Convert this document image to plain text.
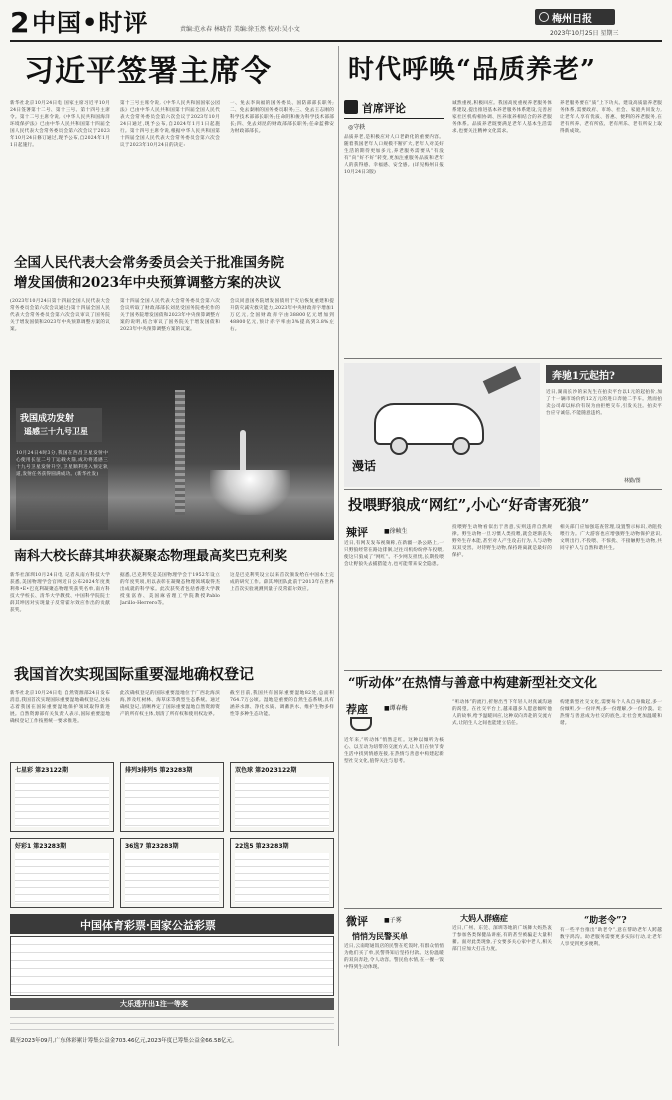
2 中国•时评	责编:范永春 林晓青 美编:徐玉然 校对:吴小文
梅州日报
2023年10月25日 星期三
习近平签署主席令
新华社北京10月24日电 国家主席习近平10月24日签署第十二号、第十三号、第十四号主席令。第十二号主席令说,《中华人民共和国海洋环境保护法》已由中华人民共和国第十四届全国人民代表大会常务委员会第六次会议于2023年10月24日修订通过,现予公布,自2024年1月1日起施行。
第十三号主席令说,《中华人民共和国国家公园法》已由中华人民共和国第十四届全国人民代表大会常务委员会第六次会议于2023年10月24日通过,现予公布,自2024年1月1日起施行。第十四号主席令说,根据中华人民共和国第十四届全国人民代表大会常务委员会第六次会议于2023年10月24日的决定:
一、免去李尚福的国务委员、国防部部长职务;二、免去秦刚的国务委员职务;三、免去王志刚的科学技术部部长职务;任命阴和俊为科学技术部部长;四、免去刘昆的财政部部长职务;任命蓝佛安为财政部部长。
全国人民代表大会常务委员会关于批准国务院
增发国债和2023年中央预算调整方案的决议
(2023年10月24日第十四届全国人民代表大会常务委员会第六次会议通过)第十四届全国人民代表大会常务委员会第六次会议审议了国务院关于增发国债和2023年中央预算调整方案的议案。
第十四届全国人民代表大会常务委员会第六次会议听取了财政部部长刘昆受国务院委托作的关于国务院增发国债和2023年中央预算调整方案的说明,结合审议了国务院关于增发国债和2023年中央预算调整方案的议案。
会议同意国务院增发国债用于灾后恢复重建和提升防灾减灾救灾能力,2023年中央财政赤字增加1万亿元,全国财政赤字由38800亿元增加到48800亿元,预计赤字率由3%提高到3.8%左右。
我国成功发射
遥感三十九号卫星
10月24日4时3分,我国在西昌卫星发射中心使用长征二号丁运载火箭,成功将遥感三十九号卫星发射升空,卫星顺利进入预定轨道,发射任务获得圆满成功。(新华社发)
南科大校长薛其坤获凝聚态物理最高奖巴克利奖
新华社深圳10月24日电 记者从南方科技大学获悉,美国物理学会官网近日公布2024年度奥利弗•E•巴克利凝聚态物理奖获奖名单,南方科技大学校长、清华大学教授、中国科学院院士薛其坤因对实现量子反常霍尔效应作出的贡献获奖。
据悉,巴克利奖是美国物理学会于1952年设立的年度奖项,用以表彰在凝聚态物理领域取得杰出成就的科学家。此次获奖者包括香港大学教授张富春、美国麻省理工学院教授Pablo Jarillo-Herrero等。
这是巴克利奖设立以来首次颁发给在中国本土完成的研究工作。薛其坤团队此前于2013年在世界上首次实验观测到量子反常霍尔效应。
我国首次实现国际重要湿地确权登记
新华社北京10月24日电 自然资源部24日发布消息,我国首次实现国际重要湿地确权登记,这标志着我国在国际重要湿地保护领域取得新进展。自然资源部有关负责人表示,国际重要湿地确权登记工作按照统一要求推进。
此次确权登记的国际重要湿地位于广西北海滨海,涉及红树林、海草床等典型生态系统。通过确权登记,清晰界定了国际重要湿地自然资源资产的所有权主体,划清了所有权和使用权边界。
截至目前,我国共有国际重要湿地82处,总面积764.7万公顷。湿地是重要的自然生态系统,具有涵养水源、净化水质、调蓄洪水、维护生物多样性等多种生态功能。
七星彩 第23122期	排列3排列5 第23283期	双色球 第2023122期
好彩1 第23283期	36选7 第23283期	22选5 第23283期
中国体育彩票·国家公益彩票
大乐透开出1注一等奖
截至2023年09月,广东体彩累计筹集公益金703.46亿元,2023年度已筹集公益金66.58亿元。
时代呼唤“品质养老”
首席评论
◎守轶
品质养老,是积极应对人口老龄化的重要内容。随着我国老年人口规模不断扩大,老年人对美好生活的期待更加多元,养老服务需要从“有没有”向“好不好”转变,更加注重服务品质和老年人的获得感、幸福感、安全感。(详见梅州日报10月24日3版)
诚然重视,积极回应。我国高度重视养老服务体系建设,提出推进基本养老服务体系建设,完善居家社区机构相协调、医养康养相结合的养老服务体系。品质养老既要满足老年人基本生活需求,也要关注精神文化需求。
养老服务要在“质”上下功夫。建设高质量养老服务体系,需要政府、市场、社会、家庭共同发力,让老年人享有优质、普惠、便利的养老服务,在老有所养、老有所依、老有所乐、老有所安上取得新成效。
漫话
奔驰1元起拍?
近日,湖南长沙的宋先生在拍卖平台以1元的起拍价,加了十一辆市场价约12万元的进口奔驰二手车。然而拍卖公司却以标价有误为由拒绝交车,引发关注。拍卖平台应守诚信,不能随意违约。
林勤/图
投喂野狼成“网红”,小心“好奇害死狼”
辣评	■徐帧生
近日,有网友发布视频称,在新疆一条公路上,一只野狼经常在路边徘徊,过往司机纷纷停车投喂,使这只狼成了“网红”。不少网友担忧,长期投喂会让野狼失去捕猎能力,也可能带来安全隐患。
投喂野生动物看似出于善意,实则违背自然规律。野生动物一旦习惯人类投喂,就会逐渐丧失野外生存本能,甚至对人产生攻击行为,人与动物双双受害。对待野生动物,保持距离就是最好的保护。
相关部门应加强巡查管理,设置警示标识,劝阻投喂行为。广大游客也应增强野生动物保护意识,文明出行,不投喂、不惊扰、不接触野生动物,共同守护人与自然和谐共生。
“听动体”在热情与善意中构建新型社交文化
荐座	■谭春梅
近年来,“听动体”悄然走红。这种以倾听为核心、以互动为纽带的交流方式,让人们在快节奏生活中找到情感连接,在热情与善意中构建起新型社交文化,值得关注与思考。
“听动体”的流行,折射出当下年轻人对真诚沟通的渴望。在社交平台上,越来越多人愿意倾听他人的故事,给予温暖回应,这种双向奔赴的交流方式,让陌生人之间也能建立信任。
构建新型社交文化,需要每个人从自身做起,多一份倾听,少一份评判;多一份理解,少一份冷漠。让热情与善意成为社交的底色,让社会更加温暖和谐。
微评	■子雾
悄悄为民警买单
近日,云南昭通饭店的民警在吃饭时,有群众悄悄为他们买了单,民警得知后坚持付款。这份温暖的双向奔赴,令人动容。警民鱼水情,在一餐一饭中得到生动体现。
大妈人群癌症
近日,广州、东莞、深圳等地的广场舞大妈热衷于参加各类保健品讲座,有的甚至被骗走大量积蓄。面对此类现象,子女要多关心家中老人,相关部门应加大打击力度。
“助老令”?
有一些平台推出“助老令”,意在帮助老年人跨越数字鸿沟。助老服务需要更多实际行动,让老年人享受到更多便利。
